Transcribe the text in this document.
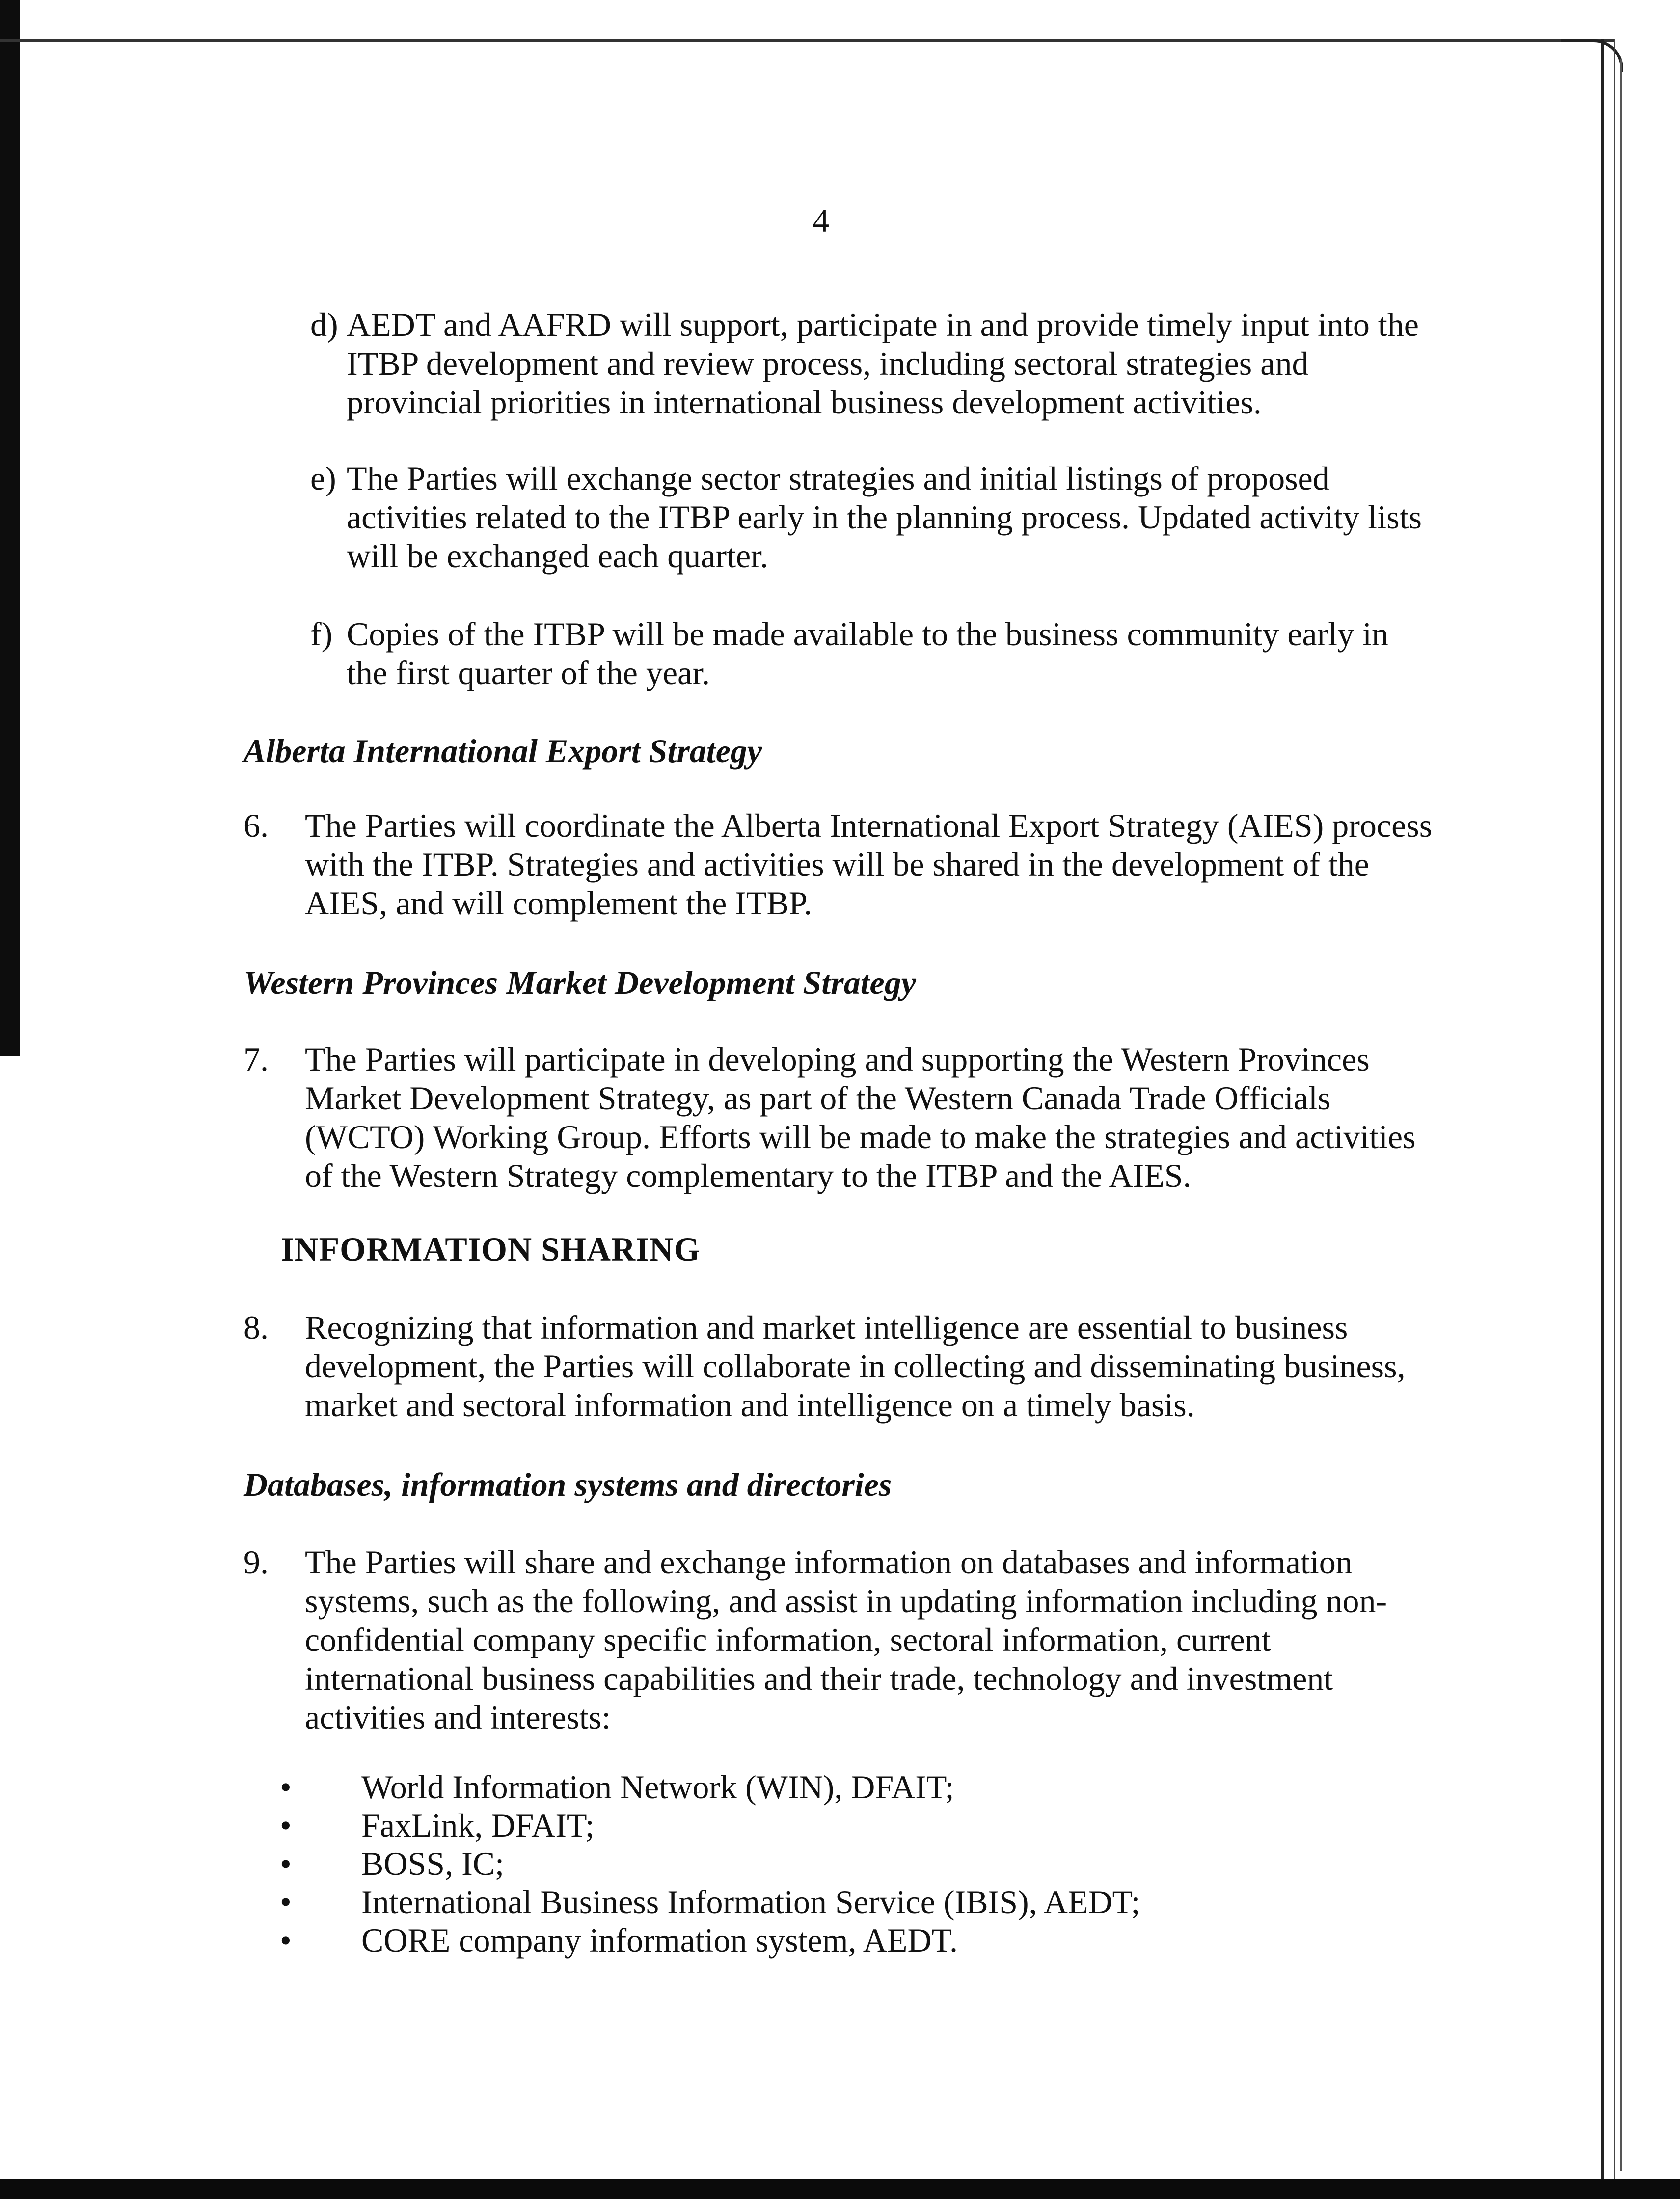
4
d) AEDT and AAFRD will support, participate in and provide timely input into the
ITBP development and review process, including sectoral strategies and
provincial priorities in international business development activities.
e) The Parties will exchange sector strategies and initial listings of proposed
activities related to the ITBP early in the planning process. Updated activity lists
will be exchanged each quarter.
f) Copies of the ITBP will be made available to the business community early in
the first quarter of the year.
Alberta International Export Strategy
6. The Parties will coordinate the Alberta International Export Strategy (AIES) process
with the ITBP. Strategies and activities will be shared in the development of the
AIES, and will complement the ITBP.
Western Provinces Market Development Strategy
7. The Parties will participate in developing and supporting the Western Provinces
Market Development Strategy, as part of the Western Canada Trade Officials
(WCTO) Working Group. Efforts will be made to make the strategies and activities
of the Western Strategy complementary to the ITBP and the AIES.
INFORMATION SHARING
8. Recognizing that information and market intelligence are essential to business
development, the Parties will collaborate in collecting and disseminating business,
market and sectoral information and intelligence on a timely basis.
Databases, information systems and directories
9. The Parties will share and exchange information on databases and information
systems, such as the following, and assist in updating information including non-
confidential company specific information, sectoral information, current
international business capabilities and their trade, technology and investment
activities and interests:
• World Information Network (WIN), DFAIT;
• FaxLink, DFAIT;
• BOSS, IC;
• International Business Information Service (IBIS), AEDT;
• CORE company information system, AEDT.
